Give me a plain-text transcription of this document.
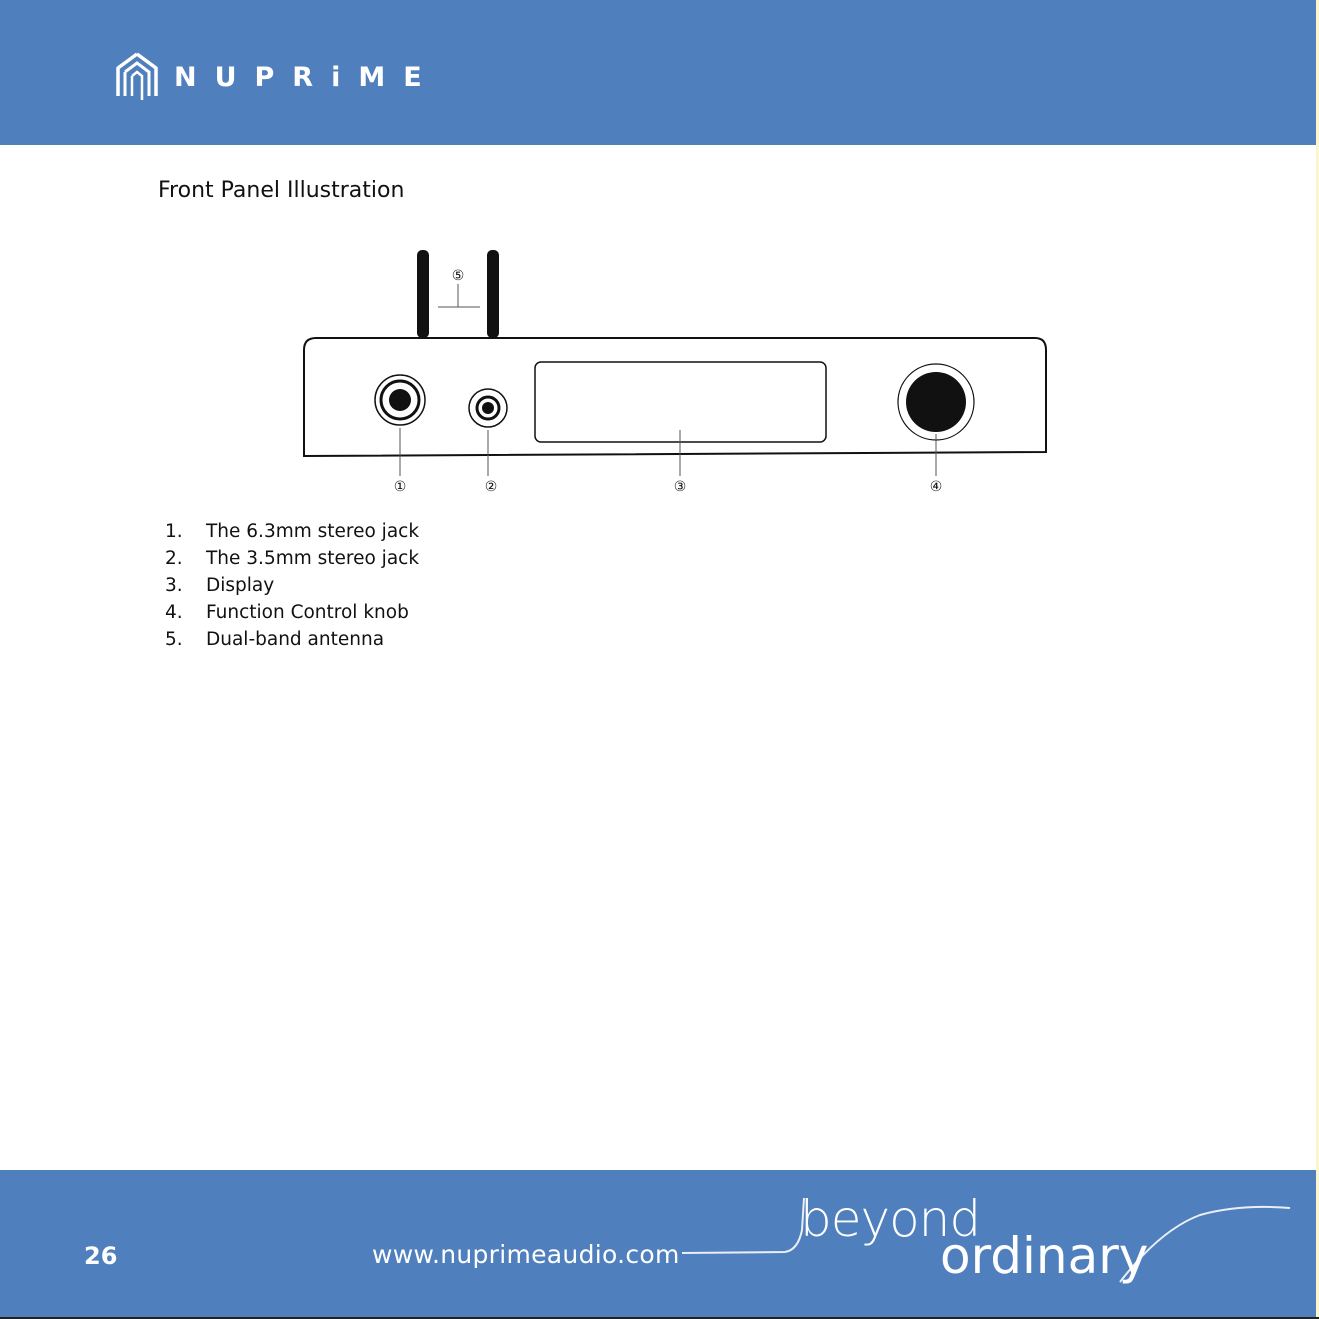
NUPRiME
Front Panel Illustration
⑤
①	②	③	④
1.	The 6.3mm stereo jack
2.	The 3.5mm stereo jack
3.	Display
4.	Function Control knob
5.	Dual-band antenna
26	www.nuprimeaudio.com
beyond
ordinary
